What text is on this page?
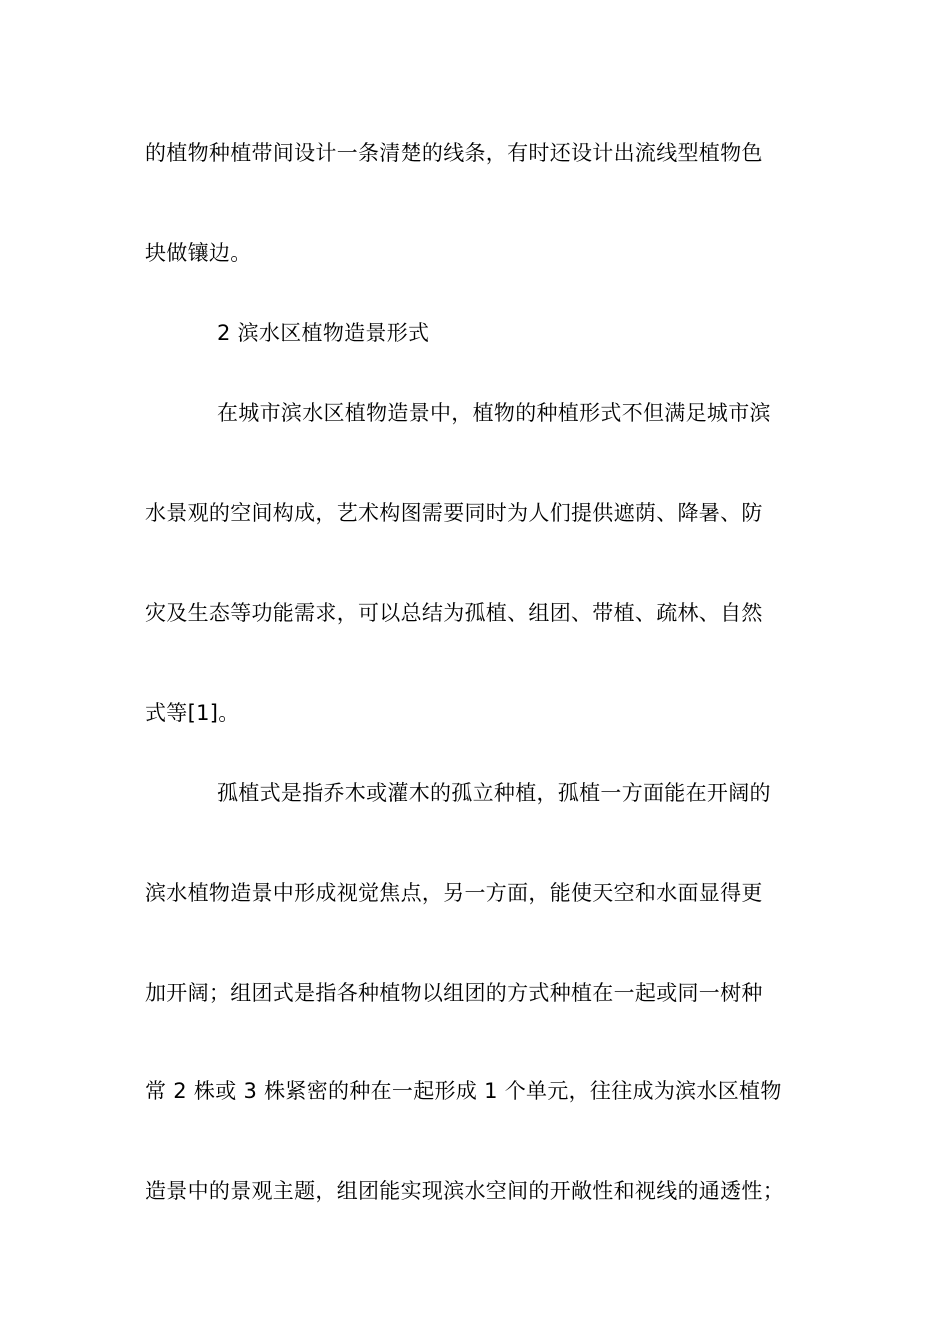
的植物种植带间设计一条清楚的线条，有时还设计出流线型植物色
块做镶边。
2 滨水区植物造景形式
在城市滨水区植物造景中，植物的种植形式不但满足城市滨
水景观的空间构成，艺术构图需要同时为人们提供遮荫、降暑、防
灾及生态等功能需求，可以总结为孤植、组团、带植、疏林、自然
式等[1]。
孤植式是指乔木或灌木的孤立种植，孤植一方面能在开阔的
滨水植物造景中形成视觉焦点，另一方面，能使天空和水面显得更
加开阔；组团式是指各种植物以组团的方式种植在一起或同一树种
常 2 株或 3 株紧密的种在一起形成 1 个单元，往往成为滨水区植物
造景中的景观主题，组团能实现滨水空间的开敞性和视线的通透性；
